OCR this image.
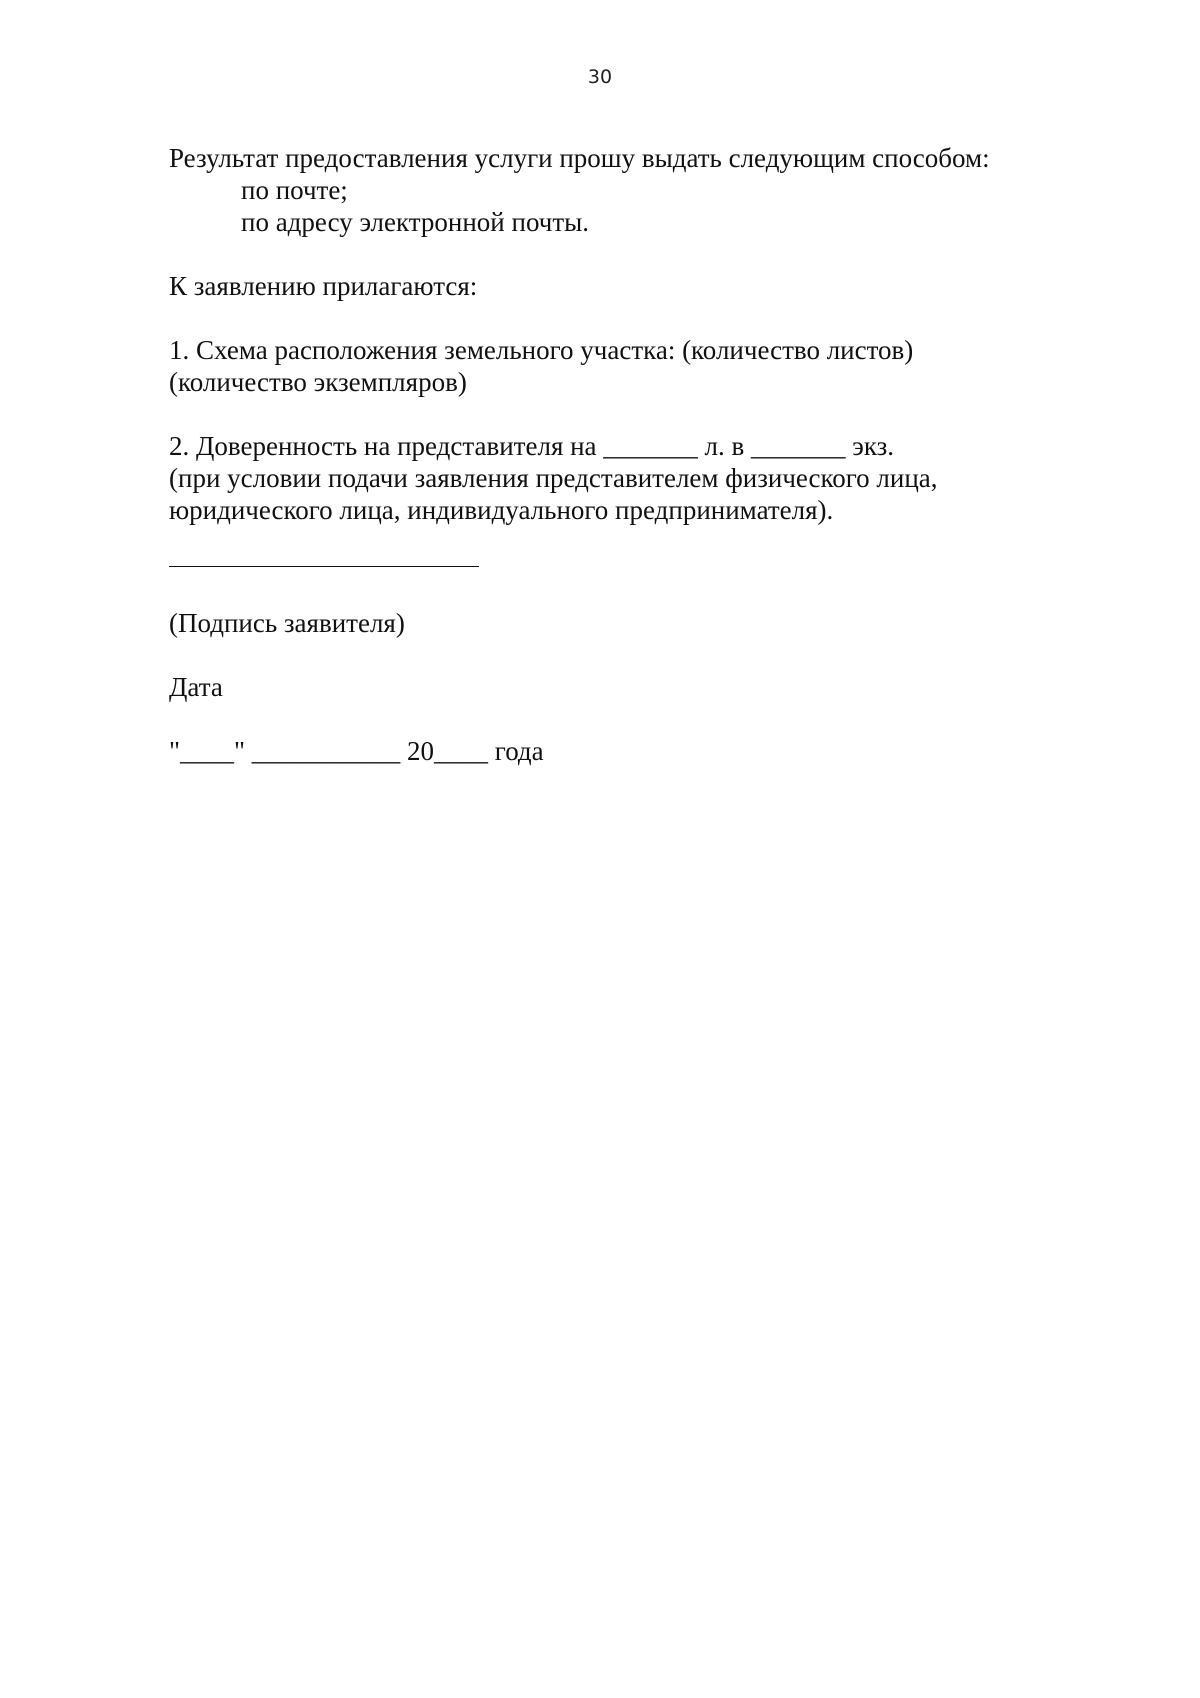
30
Результат предоставления услуги прошу выдать следующим способом:
по почте;
по адресу электронной почты.
К заявлению прилагаются:
1. Схема расположения земельного участка: (количество листов)
(количество экземпляров)
2. Доверенность на представителя на _______ л. в _______ экз.
(при условии подачи заявления представителем физического лица,
юридического лица, индивидуального предпринимателя).
(Подпись заявителя)
Дата
"____" ___________ 20____ года
